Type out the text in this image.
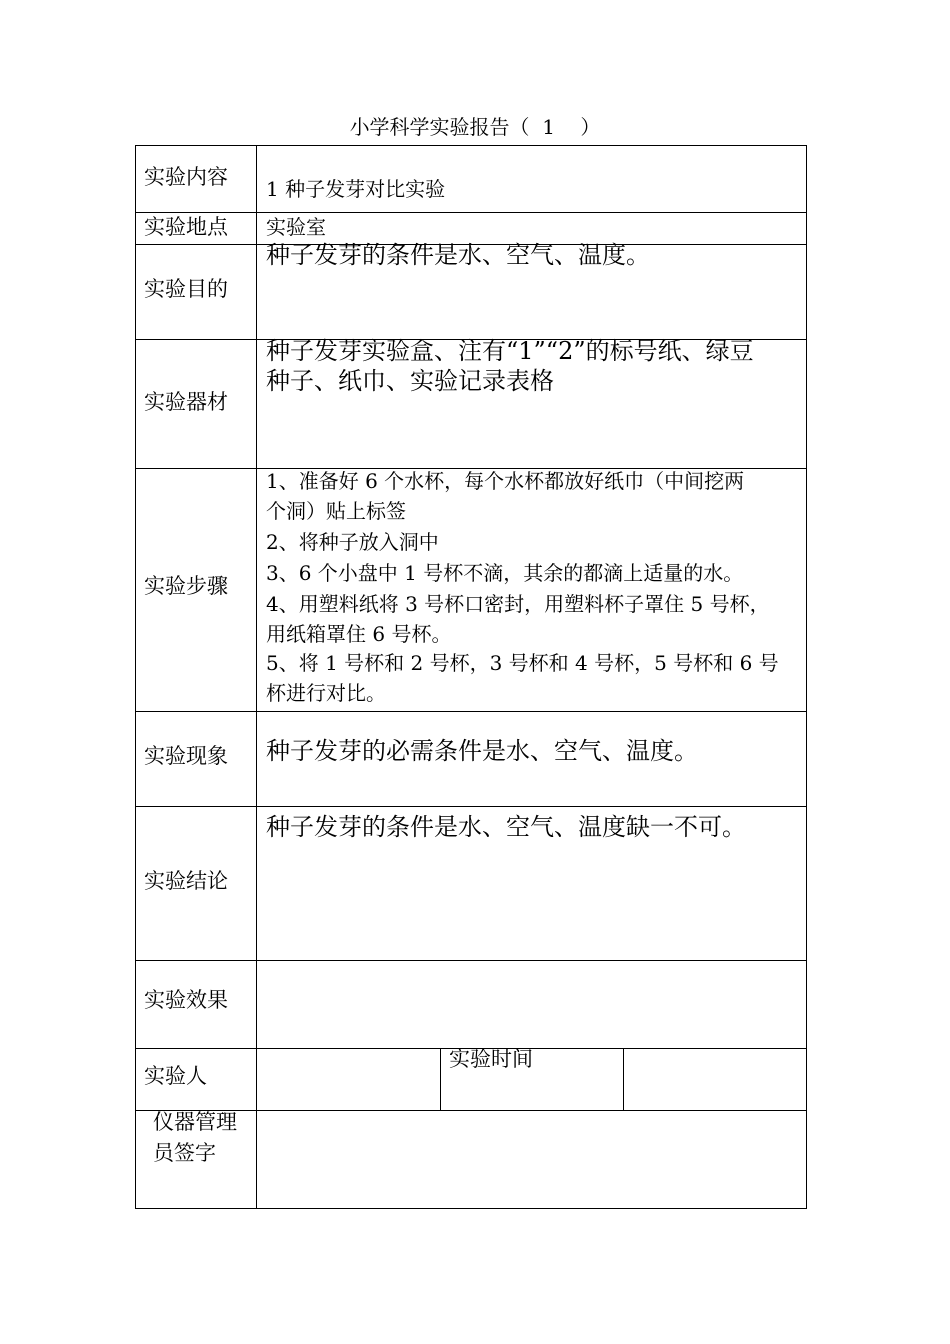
小学科学实验报告（  1    ）
实验内容 1 种子发芽对比实验
实验地点 实验室
实验目的
种子发芽的条件是水、空气、温度。
实验器材
种子发芽实验盒、注有“1”“2”的标号纸、绿豆
种子、纸巾、实验记录表格
实验步骤
1、准备好 6 个水杯，每个水杯都放好纸巾（中间挖两
个洞）贴上标签
2、将种子放入洞中
3、6 个小盘中 1 号杯不滴，其余的都滴上适量的水。
4、用塑料纸将 3 号杯口密封，用塑料杯子罩住 5 号杯，
用纸箱罩住 6 号杯。
5、将 1 号杯和 2 号杯，3 号杯和 4 号杯，5 号杯和 6 号
杯进行对比。
实验现象 种子发芽的必需条件是水、空气、温度。
实验结论
种子发芽的条件是水、空气、温度缺一不可。
实验效果
实验人
实验时间
仪器管理
员签字
